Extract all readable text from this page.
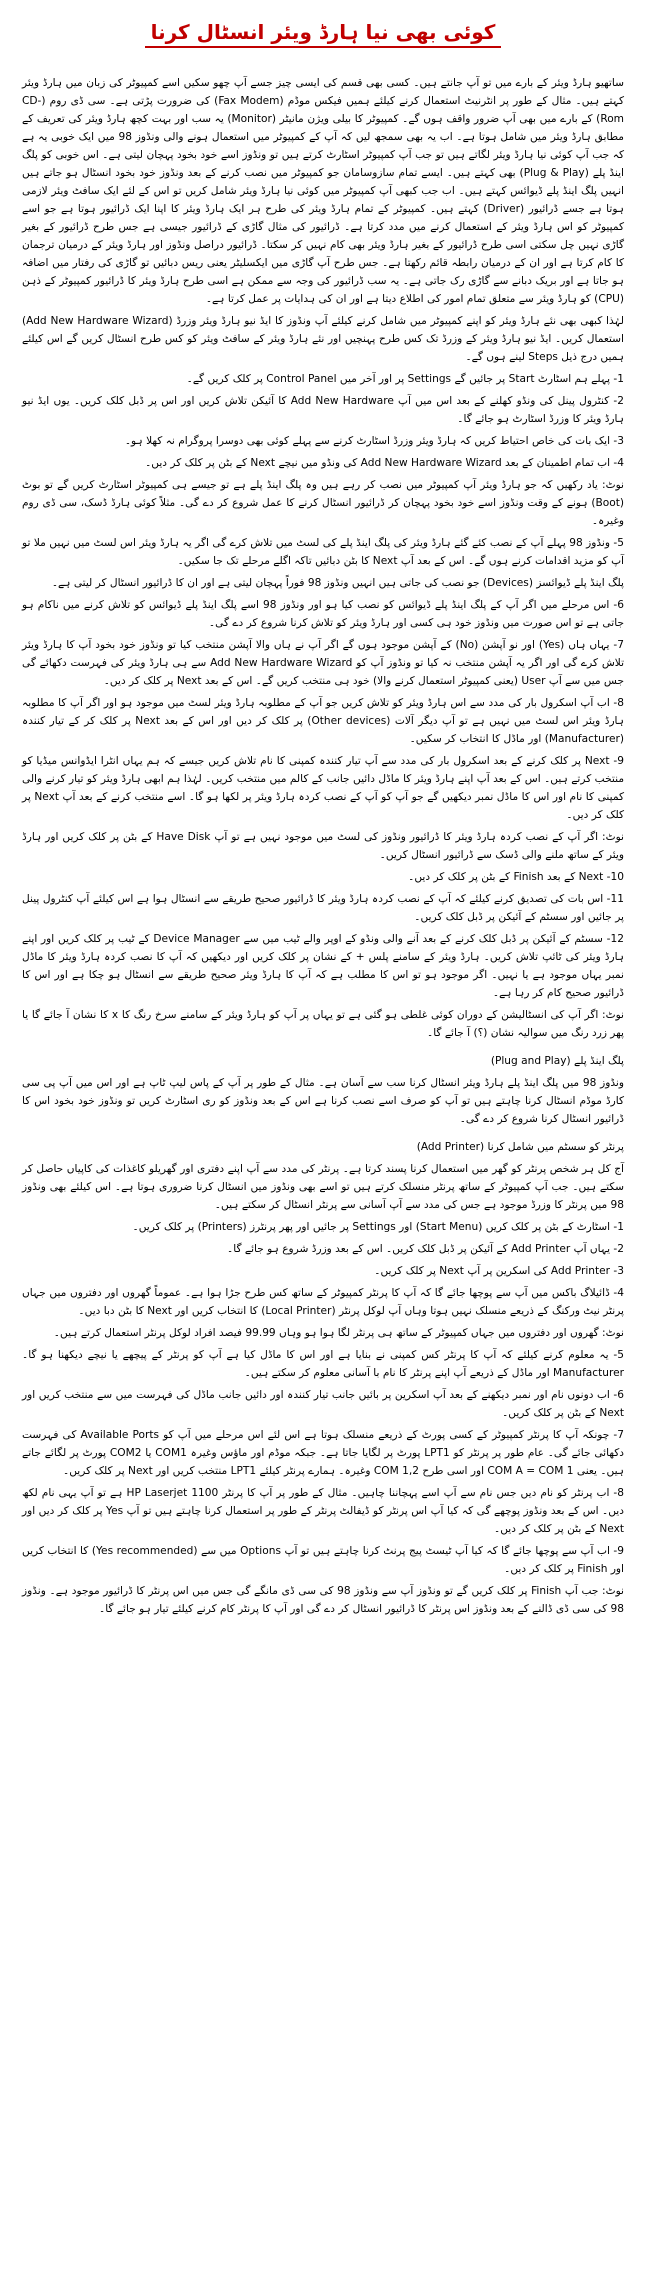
کوئی بھی نیا ہارڈ ویئر انسٹال کرنا

ساتھیو ہارڈ ویئر کے بارے میں تو آپ جانتے ہیں۔ کسی بھی قسم کی ایسی چیز جسے آپ چھو سکیں اسے کمپیوٹر کی زبان میں ہارڈ ویئر کہتے ہیں۔ مثال کے طور پر انٹرنیٹ استعمال کرنے کیلئے ہمیں فیکس موڈم (Fax Modem) کی ضرورت پڑتی ہے۔ سی ڈی روم (CD-Rom) کے بارے میں بھی آپ ضرور واقف ہوں گے۔ کمپیوٹر کا بیلی ویژن مانیٹر (Monitor) یہ سب اور بہت کچھ ہارڈ ویئر کی تعریف کے مطابق ہارڈ ویئر میں شامل ہوتا ہے۔ اب یہ بھی سمجھ لیں کہ آپ کے کمپیوٹر میں استعمال ہونے والی ونڈوز 98 میں ایک خوبی یہ ہے کہ جب آپ کوئی نیا ہارڈ ویئر لگاتے ہیں تو جب آپ کمپیوٹر اسٹارٹ کرتے ہیں تو ونڈوز اسے خود بخود پہچان لیتی ہے۔ اس خوبی کو پلگ اینڈ پلے (Plug & Play) بھی کہتے ہیں۔ ایسے تمام سازوسامان جو کمپیوٹر میں نصب کرنے کے بعد ونڈوز خود بخود انسٹال ہو جاتے ہیں انہیں پلگ اینڈ پلے ڈیوائس کہتے ہیں۔ اب جب کبھی آپ کمپیوٹر میں کوئی نیا ہارڈ ویئر شامل کریں تو اس کے لئے ایک سافٹ ویئر لازمی ہوتا ہے جسے ڈرائیور (Driver) کہتے ہیں۔ کمپیوٹر کے تمام ہارڈ ویئر کی طرح ہر ایک ہارڈ ویئر کا اپنا ایک ڈرائیور ہوتا ہے جو اسے کمپیوٹر کو اس ہارڈ ویئر کے استعمال کرنے میں مدد کرتا ہے۔ ڈرائیور کی مثال گاڑی کے ڈرائیور جیسی ہے جس طرح ڈرائیور کے بغیر گاڑی نہیں چل سکتی اسی طرح ڈرائیور کے بغیر ہارڈ ویئر بھی کام نہیں کر سکتا۔ ڈرائیور دراصل ونڈوز اور ہارڈ ویئر کے درمیان ترجمان کا کام کرتا ہے اور ان کے درمیان رابطہ قائم رکھتا ہے۔ جس طرح آپ گاڑی میں ایکسلیٹر یعنی ریس دبائیں تو گاڑی کی رفتار میں اضافہ ہو جاتا ہے اور بریک دبانے سے گاڑی رک جاتی ہے۔ یہ سب ڈرائیور کی وجہ سے ممکن ہے اسی طرح ہارڈ ویئر کا ڈرائیور کمپیوٹر کے ذہن (CPU) کو ہارڈ ویئر سے متعلق تمام امور کی اطلاع دیتا ہے اور ان کی ہدایات پر عمل کرتا ہے۔

لہٰذا کبھی بھی نئے ہارڈ ویئر کو اپنے کمپیوٹر میں شامل کرنے کیلئے آپ ونڈوز کا ایڈ نیو ہارڈ ویئر وزرڈ (Add New Hardware Wizard) استعمال کریں۔ ایڈ نیو ہارڈ ویئر کے وزرڈ تک کس طرح پہنچیں اور نئے ہارڈ ویئر کے سافٹ ویئر کو کس طرح انسٹال کریں گے اس کیلئے ہمیں درج ذیل Steps لینے ہوں گے۔

1- پہلے ہم اسٹارٹ Start پر جائیں گے Settings پر اور آخر میں Control Panel پر کلک کریں گے۔

2- کنٹرول پینل کی ونڈو کھلنے کے بعد اس میں آپ Add New Hardware کا آئیکن تلاش کریں اور اس پر ڈبل کلک کریں۔ یوں ایڈ نیو ہارڈ ویئر کا وزرڈ اسٹارٹ ہو جائے گا۔

3- ایک بات کی خاص احتیاط کریں کہ ہارڈ ویئر وزرڈ اسٹارٹ کرنے سے پہلے کوئی بھی دوسرا پروگرام نہ کھلا ہو۔

4- اب تمام اطمینان کے بعد Add New Hardware Wizard کی ونڈو میں نیچے Next کے بٹن پر کلک کر دیں۔

نوٹ: یاد رکھیں کہ جو ہارڈ ویئر آپ کمپیوٹر میں نصب کر رہے ہیں وہ پلگ اینڈ پلے ہے تو جیسے ہی کمپیوٹر اسٹارٹ کریں گے تو بوٹ (Boot) ہونے کے وقت ونڈوز اسے خود بخود پہچان کر ڈرائیور انسٹال کرنے کا عمل شروع کر دے گی۔ مثلاً کوئی ہارڈ ڈسک، سی ڈی روم وغیرہ۔

5- ونڈوز 98 پہلے آپ کے نصب کئے گئے ہارڈ ویئر کی پلگ اینڈ پلے کی لسٹ میں تلاش کرے گی اگر یہ ہارڈ ویئر اس لسٹ میں نہیں ملا تو آپ کو مزید اقدامات کرنے ہوں گے۔ اس کے بعد آپ Next کا بٹن دبائیں تاکہ اگلے مرحلے تک جا سکیں۔

پلگ اینڈ پلے ڈیوائسز (Devices) جو نصب کی جاتی ہیں انہیں ونڈوز 98 فوراً پہچان لیتی ہے اور ان کا ڈرائیور انسٹال کر لیتی ہے۔

6- اس مرحلے میں اگر آپ کے پلگ اینڈ پلے ڈیوائس کو نصب کیا ہو اور ونڈوز 98 اسے پلگ اینڈ پلے ڈیوائس کو تلاش کرنے میں ناکام ہو جاتی ہے تو اس صورت میں ونڈوز خود ہی کسی اور ہارڈ ویئر کو تلاش کرنا شروع کر دے گی۔

7- یہاں ہاں (Yes) اور نو آپشن (No) کے آپشن موجود ہوں گے اگر آپ نے ہاں والا آپشن منتخب کیا تو ونڈوز خود بخود آپ کا ہارڈ ویئر تلاش کرے گی اور اگر یہ آپشن منتخب نہ کیا تو ونڈوز آپ کو Add New Hardware Wizard سے ہی ہارڈ ویئر کی فہرست دکھائے گی جس میں سے آپ User (یعنی کمپیوٹر استعمال کرنے والا) خود ہی منتخب کریں گے۔ اس کے بعد Next پر کلک کر دیں۔

8- اب آپ اسکرول بار کی مدد سے اس ہارڈ ویئر کو تلاش کریں جو آپ کے مطلوبہ ہارڈ ویئر لسٹ میں موجود ہو اور اگر آپ کا مطلوبہ ہارڈ ویئر اس لسٹ میں نہیں ہے تو آپ دیگر آلات (Other devices) پر کلک کر دیں اور اس کے بعد Next پر کلک کر کے تیار کنندہ (Manufacturer) اور ماڈل کا انتخاب کر سکیں۔

9- Next پر کلک کرنے کے بعد اسکرول بار کی مدد سے آپ تیار کنندہ کمپنی کا نام تلاش کریں جیسے کہ ہم یہاں انٹرا ایڈوانس میڈیا کو منتخب کرتے ہیں۔ اس کے بعد آپ اپنے ہارڈ ویئر کا ماڈل دائیں جانب کے کالم میں منتخب کریں۔ لہٰذا ہم ابھی ہارڈ ویئر کو تیار کرنے والی کمپنی کا نام اور اس کا ماڈل نمبر دیکھیں گے جو آپ کو آپ کے نصب کردہ ہارڈ ویئر پر لکھا ہو گا۔ اسے منتخب کرنے کے بعد آپ Next پر کلک کر دیں۔

نوٹ: اگر آپ کے نصب کردہ ہارڈ ویئر کا ڈرائیور ونڈوز کی لسٹ میں موجود نہیں ہے تو آپ Have Disk کے بٹن پر کلک کریں اور ہارڈ ویئر کے ساتھ ملنے والی ڈسک سے ڈرائیور انسٹال کریں۔

10- Next کے بعد Finish کے بٹن پر کلک کر دیں۔

11- اس بات کی تصدیق کرنے کیلئے کہ آپ کے نصب کردہ ہارڈ ویئر کا ڈرائیور صحیح طریقے سے انسٹال ہوا ہے اس کیلئے آپ کنٹرول پینل پر جائیں اور سسٹم کے آئیکن پر ڈبل کلک کریں۔

12- سسٹم کے آئیکن پر ڈبل کلک کرنے کے بعد آنے والی ونڈو کے اوپر والے ٹیب میں سے Device Manager کے ٹیب پر کلک کریں اور اپنے ہارڈ ویئر کی ٹائپ تلاش کریں۔ ہارڈ ویئر کے سامنے پلس + کے نشان پر کلک کریں اور دیکھیں کہ آپ کا نصب کردہ ہارڈ ویئر کا ماڈل نمبر یہاں موجود ہے یا نہیں۔ اگر موجود ہو تو اس کا مطلب ہے کہ آپ کا ہارڈ ویئر صحیح طریقے سے انسٹال ہو چکا ہے اور اس کا ڈرائیور صحیح کام کر رہا ہے۔

نوٹ: اگر آپ کی انسٹالیشن کے دوران کوئی غلطی ہو گئی ہے تو یہاں پر آپ کو ہارڈ ویئر کے سامنے سرخ رنگ کا x کا نشان آ جائے گا یا پھر زرد رنگ میں سوالیہ نشان (؟) آ جائے گا۔

پلگ اینڈ پلے (Plug and Play)

ونڈوز 98 میں پلگ اینڈ پلے ہارڈ ویئر انسٹال کرنا سب سے آسان ہے۔ مثال کے طور پر آپ کے پاس لیپ ٹاپ ہے اور اس میں آپ پی سی کارڈ موڈم انسٹال کرنا چاہتے ہیں تو آپ کو صرف اسے نصب کرنا ہے اس کے بعد ونڈوز کو ری اسٹارٹ کریں تو ونڈوز خود بخود اس کا ڈرائیور انسٹال کرنا شروع کر دے گی۔

پرنٹر کو سسٹم میں شامل کرنا (Add Printer)

آج کل ہر شخص پرنٹر کو گھر میں استعمال کرنا پسند کرتا ہے۔ پرنٹر کی مدد سے آپ اپنے دفتری اور گھریلو کاغذات کی کاپیاں حاصل کر سکتے ہیں۔ جب آپ کمپیوٹر کے ساتھ پرنٹر منسلک کرتے ہیں تو اسے بھی ونڈوز میں انسٹال کرنا ضروری ہوتا ہے۔ اس کیلئے بھی ونڈوز 98 میں پرنٹر کا وزرڈ موجود ہے جس کی مدد سے آپ آسانی سے پرنٹر انسٹال کر سکتے ہیں۔

1- اسٹارٹ کے بٹن پر کلک کریں (Start Menu) اور Settings پر جائیں اور پھر پرنٹرز (Printers) پر کلک کریں۔

2- یہاں آپ Add Printer کے آئیکن پر ڈبل کلک کریں۔ اس کے بعد وزرڈ شروع ہو جائے گا۔

3- Add Printer کی اسکرین پر آپ Next پر کلک کریں۔

4- ڈائیلاگ باکس میں آپ سے پوچھا جائے گا کہ آپ کا پرنٹر کمپیوٹر کے ساتھ کس طرح جڑا ہوا ہے۔ عموماً گھروں اور دفتروں میں جہاں پرنٹر نیٹ ورکنگ کے ذریعے منسلک نہیں ہوتا وہاں آپ لوکل پرنٹر (Local Printer) کا انتخاب کریں اور Next کا بٹن دبا دیں۔

نوٹ: گھروں اور دفتروں میں جہاں کمپیوٹر کے ساتھ ہی پرنٹر لگا ہوا ہو وہاں 99.99 فیصد افراد لوکل پرنٹر استعمال کرتے ہیں۔

5- یہ معلوم کرنے کیلئے کہ آپ کا پرنٹر کس کمپنی نے بنایا ہے اور اس کا ماڈل کیا ہے آپ کو پرنٹر کے پیچھے یا نیچے دیکھنا ہو گا۔ Manufacturer اور ماڈل کے ذریعے آپ اپنے پرنٹر کا نام با آسانی معلوم کر سکتے ہیں۔

6- اب دونوں نام اور نمبر دیکھنے کے بعد آپ اسکرین پر بائیں جانب تیار کنندہ اور دائیں جانب ماڈل کی فہرست میں سے منتخب کریں اور Next کے بٹن پر کلک کریں۔

7- چونکہ آپ کا پرنٹر کمپیوٹر کے کسی پورٹ کے ذریعے منسلک ہوتا ہے اس لئے اس مرحلے میں آپ کو Available Ports کی فہرست دکھائی جائے گی۔ عام طور پر پرنٹر کو LPT1 پورٹ پر لگایا جاتا ہے۔ جبکہ موڈم اور ماؤس وغیرہ COM1 یا COM2 پورٹ پر لگائے جاتے ہیں۔ یعنی COM A = COM 1 اور اسی طرح COM 1,2 وغیرہ۔ ہمارے پرنٹر کیلئے LPT1 منتخب کریں اور Next پر کلک کریں۔

8- اب پرنٹر کو نام دیں جس نام سے آپ اسے پہچاننا چاہیں۔ مثال کے طور پر آپ کا پرنٹر HP Laserjet 1100 ہے تو آپ یہی نام لکھ دیں۔ اس کے بعد ونڈوز پوچھے گی کہ کیا آپ اس پرنٹر کو ڈیفالٹ پرنٹر کے طور پر استعمال کرنا چاہتے ہیں تو آپ Yes پر کلک کر دیں اور Next کے بٹن پر کلک کر دیں۔

9- اب آپ سے پوچھا جائے گا کہ کیا آپ ٹیسٹ پیج پرنٹ کرنا چاہتے ہیں تو آپ Options میں سے (Yes recommended) کا انتخاب کریں اور Finish پر کلک کر دیں۔

نوٹ: جب آپ Finish پر کلک کریں گے تو ونڈوز آپ سے ونڈوز 98 کی سی ڈی مانگے گی جس میں اس پرنٹر کا ڈرائیور موجود ہے۔ ونڈوز 98 کی سی ڈی ڈالنے کے بعد ونڈوز اس پرنٹر کا ڈرائیور انسٹال کر دے گی اور آپ کا پرنٹر کام کرنے کیلئے تیار ہو جائے گا۔
